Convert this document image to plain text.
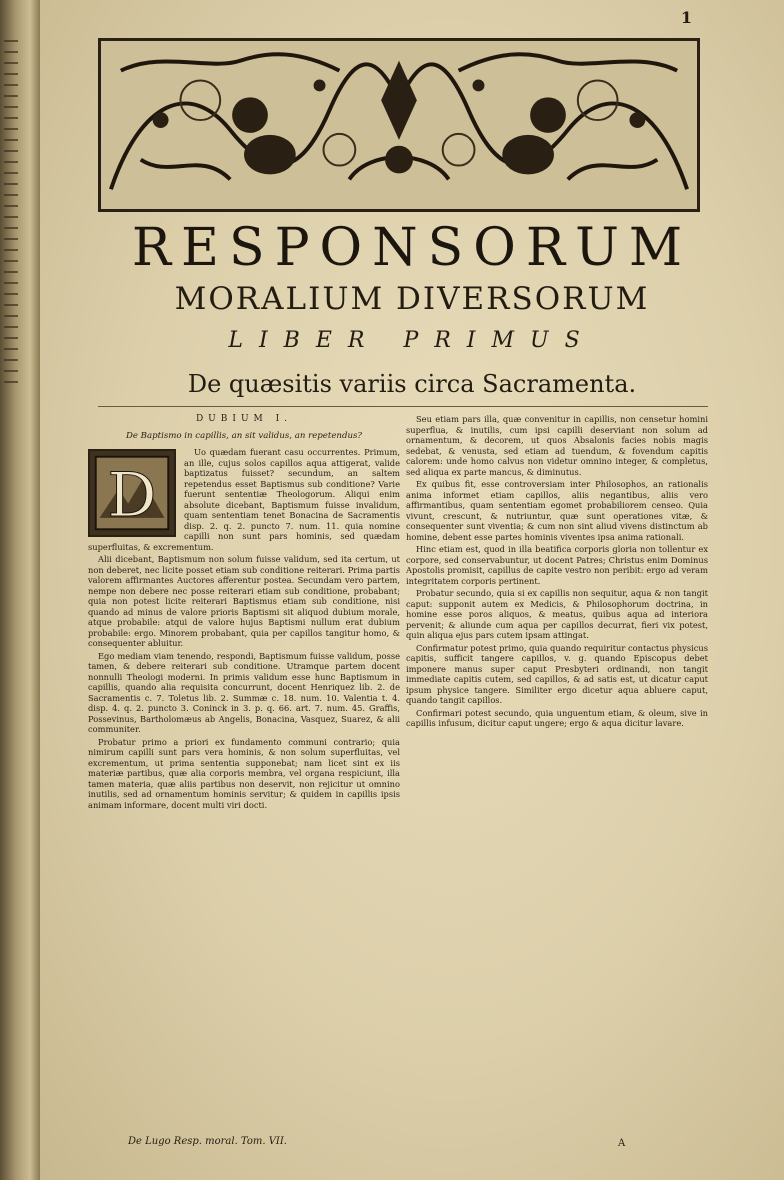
1
RESPONSORUM
MORALIUM DIVERSORUM
LIBER PRIMUS
De quæsitis variis circa Sacramenta.
DUBIUM I.
De Baptismo in capillis, an sit validus, an repetendus?
D

Uo quædam fuerant casu occurrentes. Primum, an ille, cujus solos capillos aqua attigerat, valide baptizatus fuisset? secundum, an saltem repetendus esset Baptismus sub conditione? Varie fuerunt sententiæ Theologorum. Aliqui enim absolute dicebant, Baptismum fuisse invalidum, quam sententiam tenet Bonacina de Sacramentis disp. 2. q. 2. puncto 7. num. 11. quia nomine capilli non sunt pars hominis, sed quædam superfluitas, & excrementum.

Alii dicebant, Baptismum non solum fuisse validum, sed ita certum, ut non deberet, nec licite posset etiam sub conditione reiterari. Prima partis valorem affirmantes Auctores afferentur postea. Secundam vero partem, nempe non debere nec posse reiterari etiam sub conditione, probabant; quia non potest licite reiterari Baptismus etiam sub conditione, nisi quando ad minus de valore prioris Baptismi sit aliquod dubium morale, atque probabile: atqui de valore hujus Baptismi nullum erat dubium probabile: ergo. Minorem probabant, quia per capillos tangitur homo, & consequenter abluitur.

Ego mediam viam tenendo, respondi, Baptismum fuisse validum, posse tamen, & debere reiterari sub conditione. Utramque partem docent nonnulli Theologi moderni. In primis validum esse hunc Baptismum in capillis, quando alia requisita concurrunt, docent Henriquez lib. 2. de Sacramentis c. 7. Toletus lib. 2. Summæ c. 18. num. 10. Valentia t. 4. disp. 4. q. 2. puncto 3. Coninck in 3. p. q. 66. art. 7. num. 45. Graffis, Possevinus, Bartholomæus ab Angelis, Bonacina, Vasquez, Suarez, & alii communiter.

Probatur primo a priori ex fundamento communi contrario; quia nimirum capilli sunt pars vera hominis, & non solum superfluitas, vel excrementum, ut prima sententia supponebat; nam licet sint ex iis materiæ partibus, quæ alia corporis membra, vel organa respiciunt, illa tamen materia, quæ aliis partibus non deservit, non rejicitur ut omnino inutilis, sed ad ornamentum hominis servitur; & quidem in capillis ipsis animam informare, docent multi viri docti.

Seu etiam pars illa, quæ convenitur in capillis, non censetur homini superflua, & inutilis, cum ipsi capilli deserviant non solum ad ornamentum, & decorem, ut quos Absalonis facies nobis magis sedebat, & venusta, sed etiam ad tuendum, & fovendum capitis calorem: unde homo calvus non videtur omnino integer, & completus, sed aliqua ex parte mancus, & diminutus.

Ex quibus fit, esse controversiam inter Philosophos, an rationalis anima informet etiam capillos, aliis negantibus, aliis vero affirmantibus, quam sententiam egomet probabiliorem censeo. Quia vivunt, crescunt, & nutriuntur, quæ sunt operationes vitæ, & consequenter sunt viventia; & cum non sint aliud vivens distinctum ab homine, debent esse partes hominis viventes ipsa anima rationali.

Hinc etiam est, quod in illa beatifica corporis gloria non tollentur ex corpore, sed conservabuntur, ut docent Patres; Christus enim Dominus Apostolis promisit, capillus de capite vestro non peribit: ergo ad veram integritatem corporis pertinent.

Probatur secundo, quia si ex capillis non sequitur, aqua & non tangit caput: supponit autem ex Medicis, & Philosophorum doctrina, in homine esse poros aliquos, & meatus, quibus aqua ad interiora pervenit; & aliunde cum aqua per capillos decurrat, fieri vix potest, quin aliqua ejus pars cutem ipsam attingat.

Confirmatur potest primo, quia quando requiritur contactus physicus capitis, sufficit tangere capillos, v. g. quando Episcopus debet imponere manus super caput Presbyteri ordinandi, non tangit immediate capitis cutem, sed capillos, & ad satis est, ut dicatur caput ipsum physice tangere. Similiter ergo dicetur aqua abluere caput, quando tangit capillos.

Confirmari potest secundo, quia unguentum etiam, & oleum, sive in capillis infusum, dicitur caput ungere; ergo & aqua dicitur lavare.

De Lugo Resp. moral. Tom. VII.	A
